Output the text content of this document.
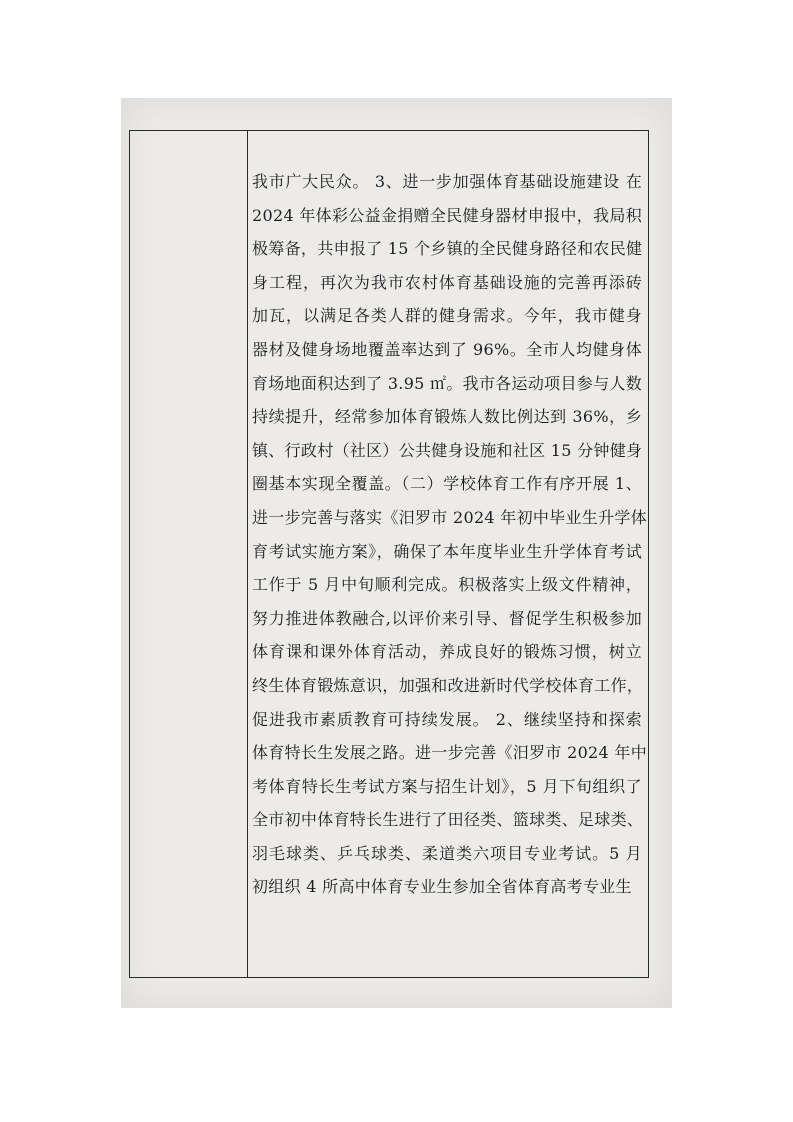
我市广大民众。 3、进一步加强体育基础设施建设 在
2024 年体彩公益金捐赠全民健身器材申报中，我局积
极筹备，共申报了 15 个乡镇的全民健身路径和农民健
身工程，再次为我市农村体育基础设施的完善再添砖
加瓦，以满足各类人群的健身需求。今年，我市健身
器材及健身场地覆盖率达到了 96%。全市人均健身体
育场地面积达到了 3.95 ㎡。我市各运动项目参与人数
持续提升，经常参加体育锻炼人数比例达到 36%，乡
镇、行政村（社区）公共健身设施和社区 15 分钟健身
圈基本实现全覆盖。（二）学校体育工作有序开展 1、
进一步完善与落实《汨罗市 2024 年初中毕业生升学体
育考试实施方案》，确保了本年度毕业生升学体育考试
工作于 5 月中旬顺利完成。积极落实上级文件精神，
努力推进体教融合,以评价来引导、督促学生积极参加
体育课和课外体育活动，养成良好的锻炼习惯，树立
终生体育锻炼意识，加强和改进新时代学校体育工作，
促进我市素质教育可持续发展。 2、继续坚持和探索
体育特长生发展之路。进一步完善《汨罗市 2024 年中
考体育特长生考试方案与招生计划》，5 月下旬组织了
全市初中体育特长生进行了田径类、篮球类、足球类、
羽毛球类、乒乓球类、柔道类六项目专业考试。5 月
初组织 4 所高中体育专业生参加全省体育高考专业生
